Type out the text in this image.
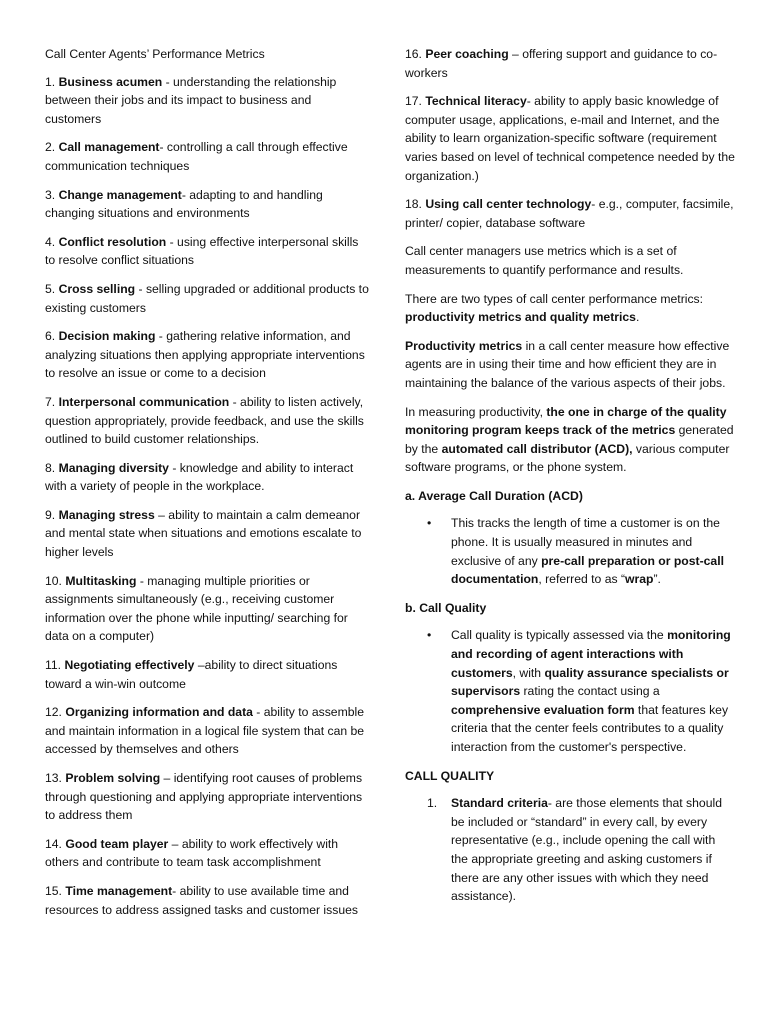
Call Center Agents’ Performance Metrics

1. Business acumen - understanding the relationship between their jobs and its impact to business and customers

2. Call management- controlling a call through effective communication techniques

3. Change management- adapting to and handling changing situations and environments

4. Conflict resolution - using effective interpersonal skills to resolve conflict situations

5. Cross selling - selling upgraded or additional products to existing customers

6. Decision making - gathering relative information, and analyzing situations then applying appropriate interventions to resolve an issue or come to a decision

7. Interpersonal communication - ability to listen actively, question appropriately, provide feedback, and use the skills outlined to build customer relationships.

8. Managing diversity - knowledge and ability to interact with a variety of people in the workplace.

9. Managing stress – ability to maintain a calm demeanor and mental state when situations and emotions escalate to higher levels

10. Multitasking - managing multiple priorities or assignments simultaneously (e.g., receiving customer information over the phone while inputting/ searching for data on a computer)

11. Negotiating effectively –ability to direct situations toward a win-win outcome

12. Organizing information and data - ability to assemble and maintain information in a logical file system that can be accessed by themselves and others

13. Problem solving – identifying root causes of problems through questioning and applying appropriate interventions to address them

14. Good team player – ability to work effectively with others and contribute to team task accomplishment

15. Time management- ability to use available time and resources to address assigned tasks and customer issues

16. Peer coaching – offering support and guidance to co-workers

17. Technical literacy- ability to apply basic knowledge of computer usage, applications, e-mail and Internet, and the ability to learn organization-specific software (requirement varies based on level of technical competence needed by the organization.)

18. Using call center technology- e.g., computer, facsimile, printer/ copier, database software

Call center managers use metrics which is a set of measurements to quantify performance and results.

There are two types of call center performance metrics: productivity metrics and quality metrics.

Productivity metrics in a call center measure how effective agents are in using their time and how efficient they are in maintaining the balance of the various aspects of their jobs.

In measuring productivity, the one in charge of the quality monitoring program keeps track of the metrics generated by the automated call distributor (ACD), various computer software programs, or the phone system.

a. Average Call Duration (ACD)

• This tracks the length of time a customer is on the phone. It is usually measured in minutes and exclusive of any pre-call preparation or post-call documentation, referred to as “wrap”.

b. Call Quality

• Call quality is typically assessed via the monitoring and recording of agent interactions with customers, with quality assurance specialists or supervisors rating the contact using a comprehensive evaluation form that features key criteria that the center feels contributes to a quality interaction from the customer's perspective.

CALL QUALITY

1. Standard criteria- are those elements that should be included or “standard” in every call, by every representative (e.g., include opening the call with the appropriate greeting and asking customers if there are any other issues with which they need assistance).
